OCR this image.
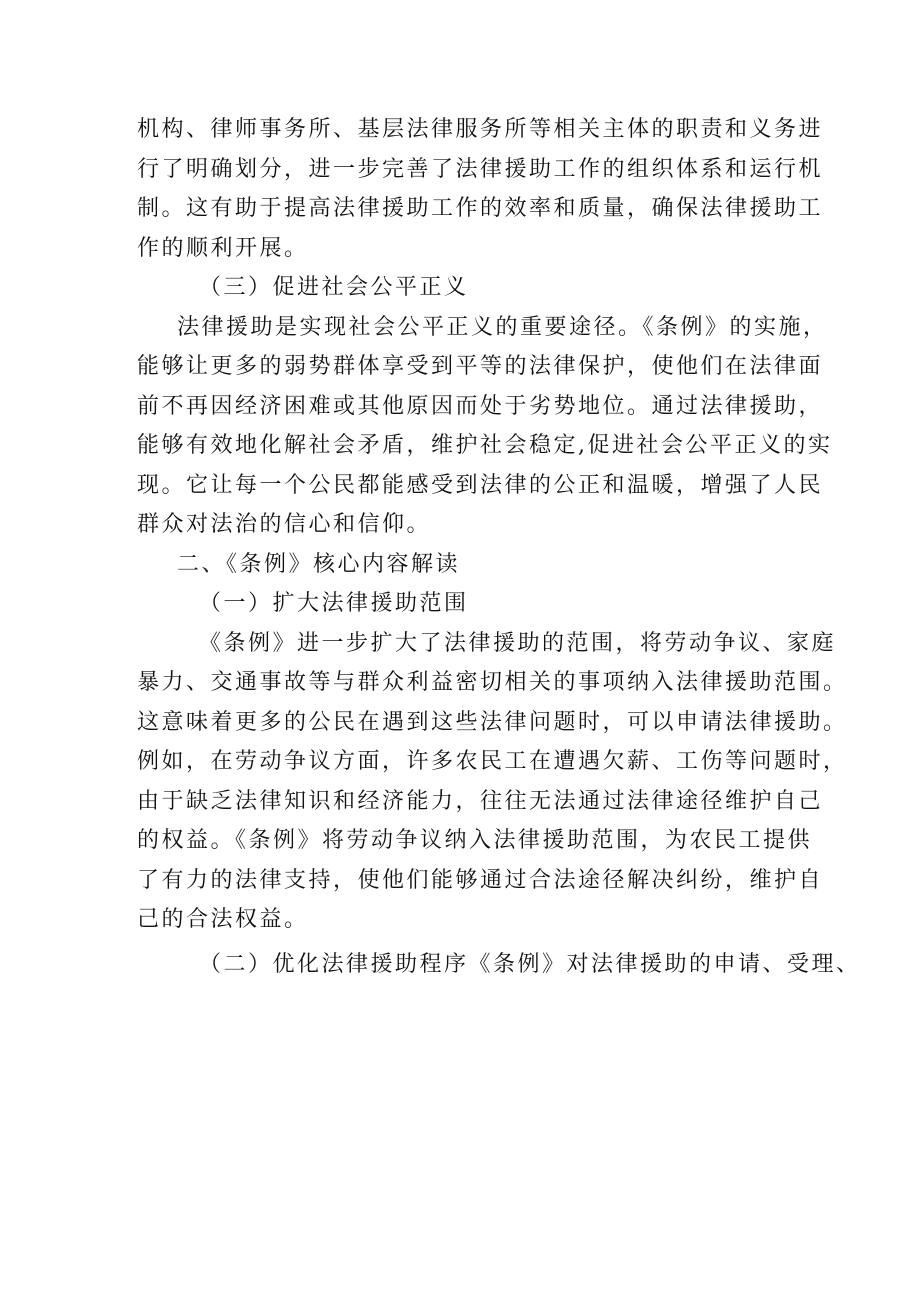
机构、律师事务所、基层法律服务所等相关主体的职责和义务进
行了明确划分，进一步完善了法律援助工作的组织体系和运行机
制。这有助于提高法律援助工作的效率和质量，确保法律援助工
作的顺利开展。
（三）促进社会公平正义
法律援助是实现社会公平正义的重要途径。《条例》的实施，
能够让更多的弱势群体享受到平等的法律保护，使他们在法律面
前不再因经济困难或其他原因而处于劣势地位。通过法律援助，
能够有效地化解社会矛盾，维护社会稳定,促进社会公平正义的实
现。它让每一个公民都能感受到法律的公正和温暖，增强了人民
群众对法治的信心和信仰。
二、《条例》核心内容解读
（一）扩大法律援助范围
《条例》进一步扩大了法律援助的范围，将劳动争议、家庭
暴力、交通事故等与群众利益密切相关的事项纳入法律援助范围。
这意味着更多的公民在遇到这些法律问题时，可以申请法律援助。
例如，在劳动争议方面，许多农民工在遭遇欠薪、工伤等问题时，
由于缺乏法律知识和经济能力，往往无法通过法律途径维护自己
的权益。《条例》将劳动争议纳入法律援助范围，为农民工提供
了有力的法律支持，使他们能够通过合法途径解决纠纷，维护自
己的合法权益。
（二）优化法律援助程序《条例》对法律援助的申请、受理、
